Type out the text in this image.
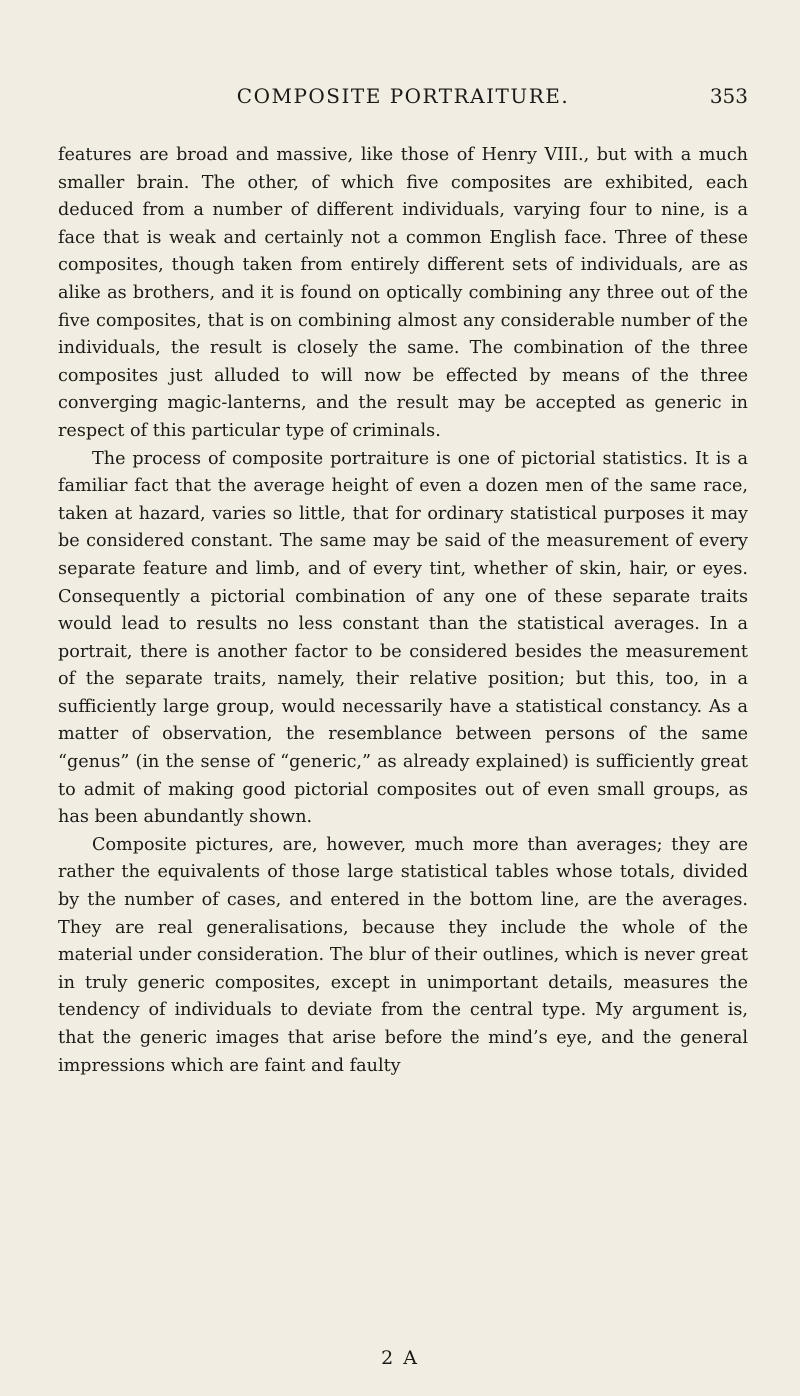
COMPOSITE PORTRAITURE.	353

features are broad and massive, like those of Henry VIII., but with a much smaller brain. The other, of which five composites are exhibited, each deduced from a number of different individuals, varying four to nine, is a face that is weak and certainly not a common English face. Three of these composites, though taken from entirely different sets of individuals, are as alike as brothers, and it is found on optically combining any three out of the five composites, that is on combining almost any considerable number of the individuals, the result is closely the same. The combination of the three composites just alluded to will now be effected by means of the three converging magic-lanterns, and the result may be accepted as generic in respect of this particular type of criminals.

The process of composite portraiture is one of pictorial statistics. It is a familiar fact that the average height of even a dozen men of the same race, taken at hazard, varies so little, that for ordinary statistical purposes it may be considered constant. The same may be said of the measurement of every separate feature and limb, and of every tint, whether of skin, hair, or eyes. Consequently a pictorial combination of any one of these separate traits would lead to results no less constant than the statistical averages. In a portrait, there is another factor to be considered besides the measurement of the separate traits, namely, their relative position; but this, too, in a sufficiently large group, would necessarily have a statistical constancy. As a matter of observation, the resemblance between persons of the same “genus” (in the sense of “generic,” as already explained) is sufficiently great to admit of making good pictorial composites out of even small groups, as has been abundantly shown.

Composite pictures, are, however, much more than averages; they are rather the equivalents of those large statistical tables whose totals, divided by the number of cases, and entered in the bottom line, are the averages. They are real generalisations, because they include the whole of the material under consideration. The blur of their outlines, which is never great in truly generic composites, except in unimportant details, measures the tendency of individuals to deviate from the central type. My argument is, that the generic images that arise before the mind’s eye, and the general impressions which are faint and faulty

2 A
